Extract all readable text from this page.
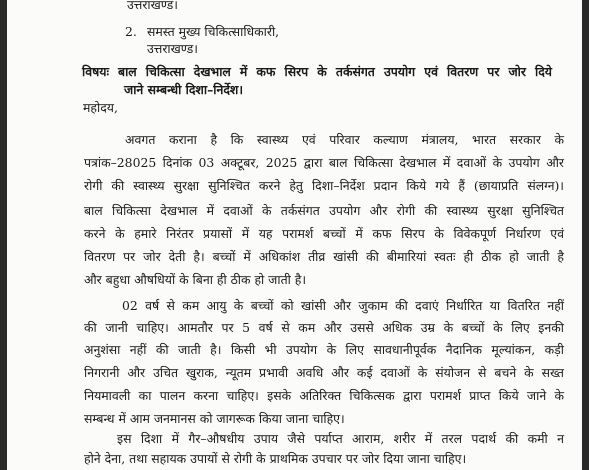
उत्तराखण्ड।
2. समस्त मुख्य चिकित्साधिकारी,
उत्तराखण्ड।
विषयः बाल चिकित्सा देखभाल में कफ सिरप के तर्कसंगत उपयोग एवं वितरण पर जोर दिये
जाने सम्बन्धी दिशा–निर्देश।
महोदय,
अवगत कराना है कि स्वास्थ्य एवं परिवार कल्याण मंत्रालय, भारत सरकार के
पत्रांक–28025 दिनांक 03 अक्टूबर, 2025 द्वारा बाल चिकित्सा देखभाल में दवाओं के उपयोग और
रोगी की स्वास्थ्य सुरक्षा सुनिश्चित करने हेतु दिशा–निर्देश प्रदान किये गये हैं (छायाप्रति संलग्न)।
बाल चिकित्सा देखभाल में दवाओं के तर्कसंगत उपयोग और रोगी की स्वास्थ्य सुरक्षा सुनिश्चित
करने के हमारे निरंतर प्रयासों में यह परामर्श बच्चों में कफ सिरप के विवेकपूर्ण निर्धारण एवं
वितरण पर जोर देती है। बच्चों में अधिकांश तीव्र खांसी की बीमारियां स्वतः ही ठीक हो जाती है
और बहुधा औषधियों के बिना ही ठीक हो जाती है।
02 वर्ष से कम आयु के बच्चों को खांसी और जुकाम की दवाएं निर्धारित या वितरित नहीं
की जानी चाहिए। आमतौर पर 5 वर्ष से कम और उससे अधिक उम्र के बच्चों के लिए इनकी
अनुशंसा नहीं की जाती है। किसी भी उपयोग के लिए सावधानीपूर्वक नैदानिक मूल्यांकन, कड़ी
निगरानी और उचित खुराक, न्यूतम प्रभावी अवधि और कई दवाओं के संयोजन से बचने के सख्त
नियमावली का पालन करना चाहिए। इसके अतिरिक्त चिकित्सक द्वारा परामर्श प्राप्त किये जाने के
सम्बन्ध में आम जनमानस को जागरूक किया जाना चाहिए।
इस दिशा में गैर–औषधीय उपाय जैसे पर्याप्त आराम, शरीर में तरल पदार्थ की कमी न
होने देना, तथा सहायक उपायों से रोगी के प्राथमिक उपचार पर जोर दिया जाना चाहिए।
